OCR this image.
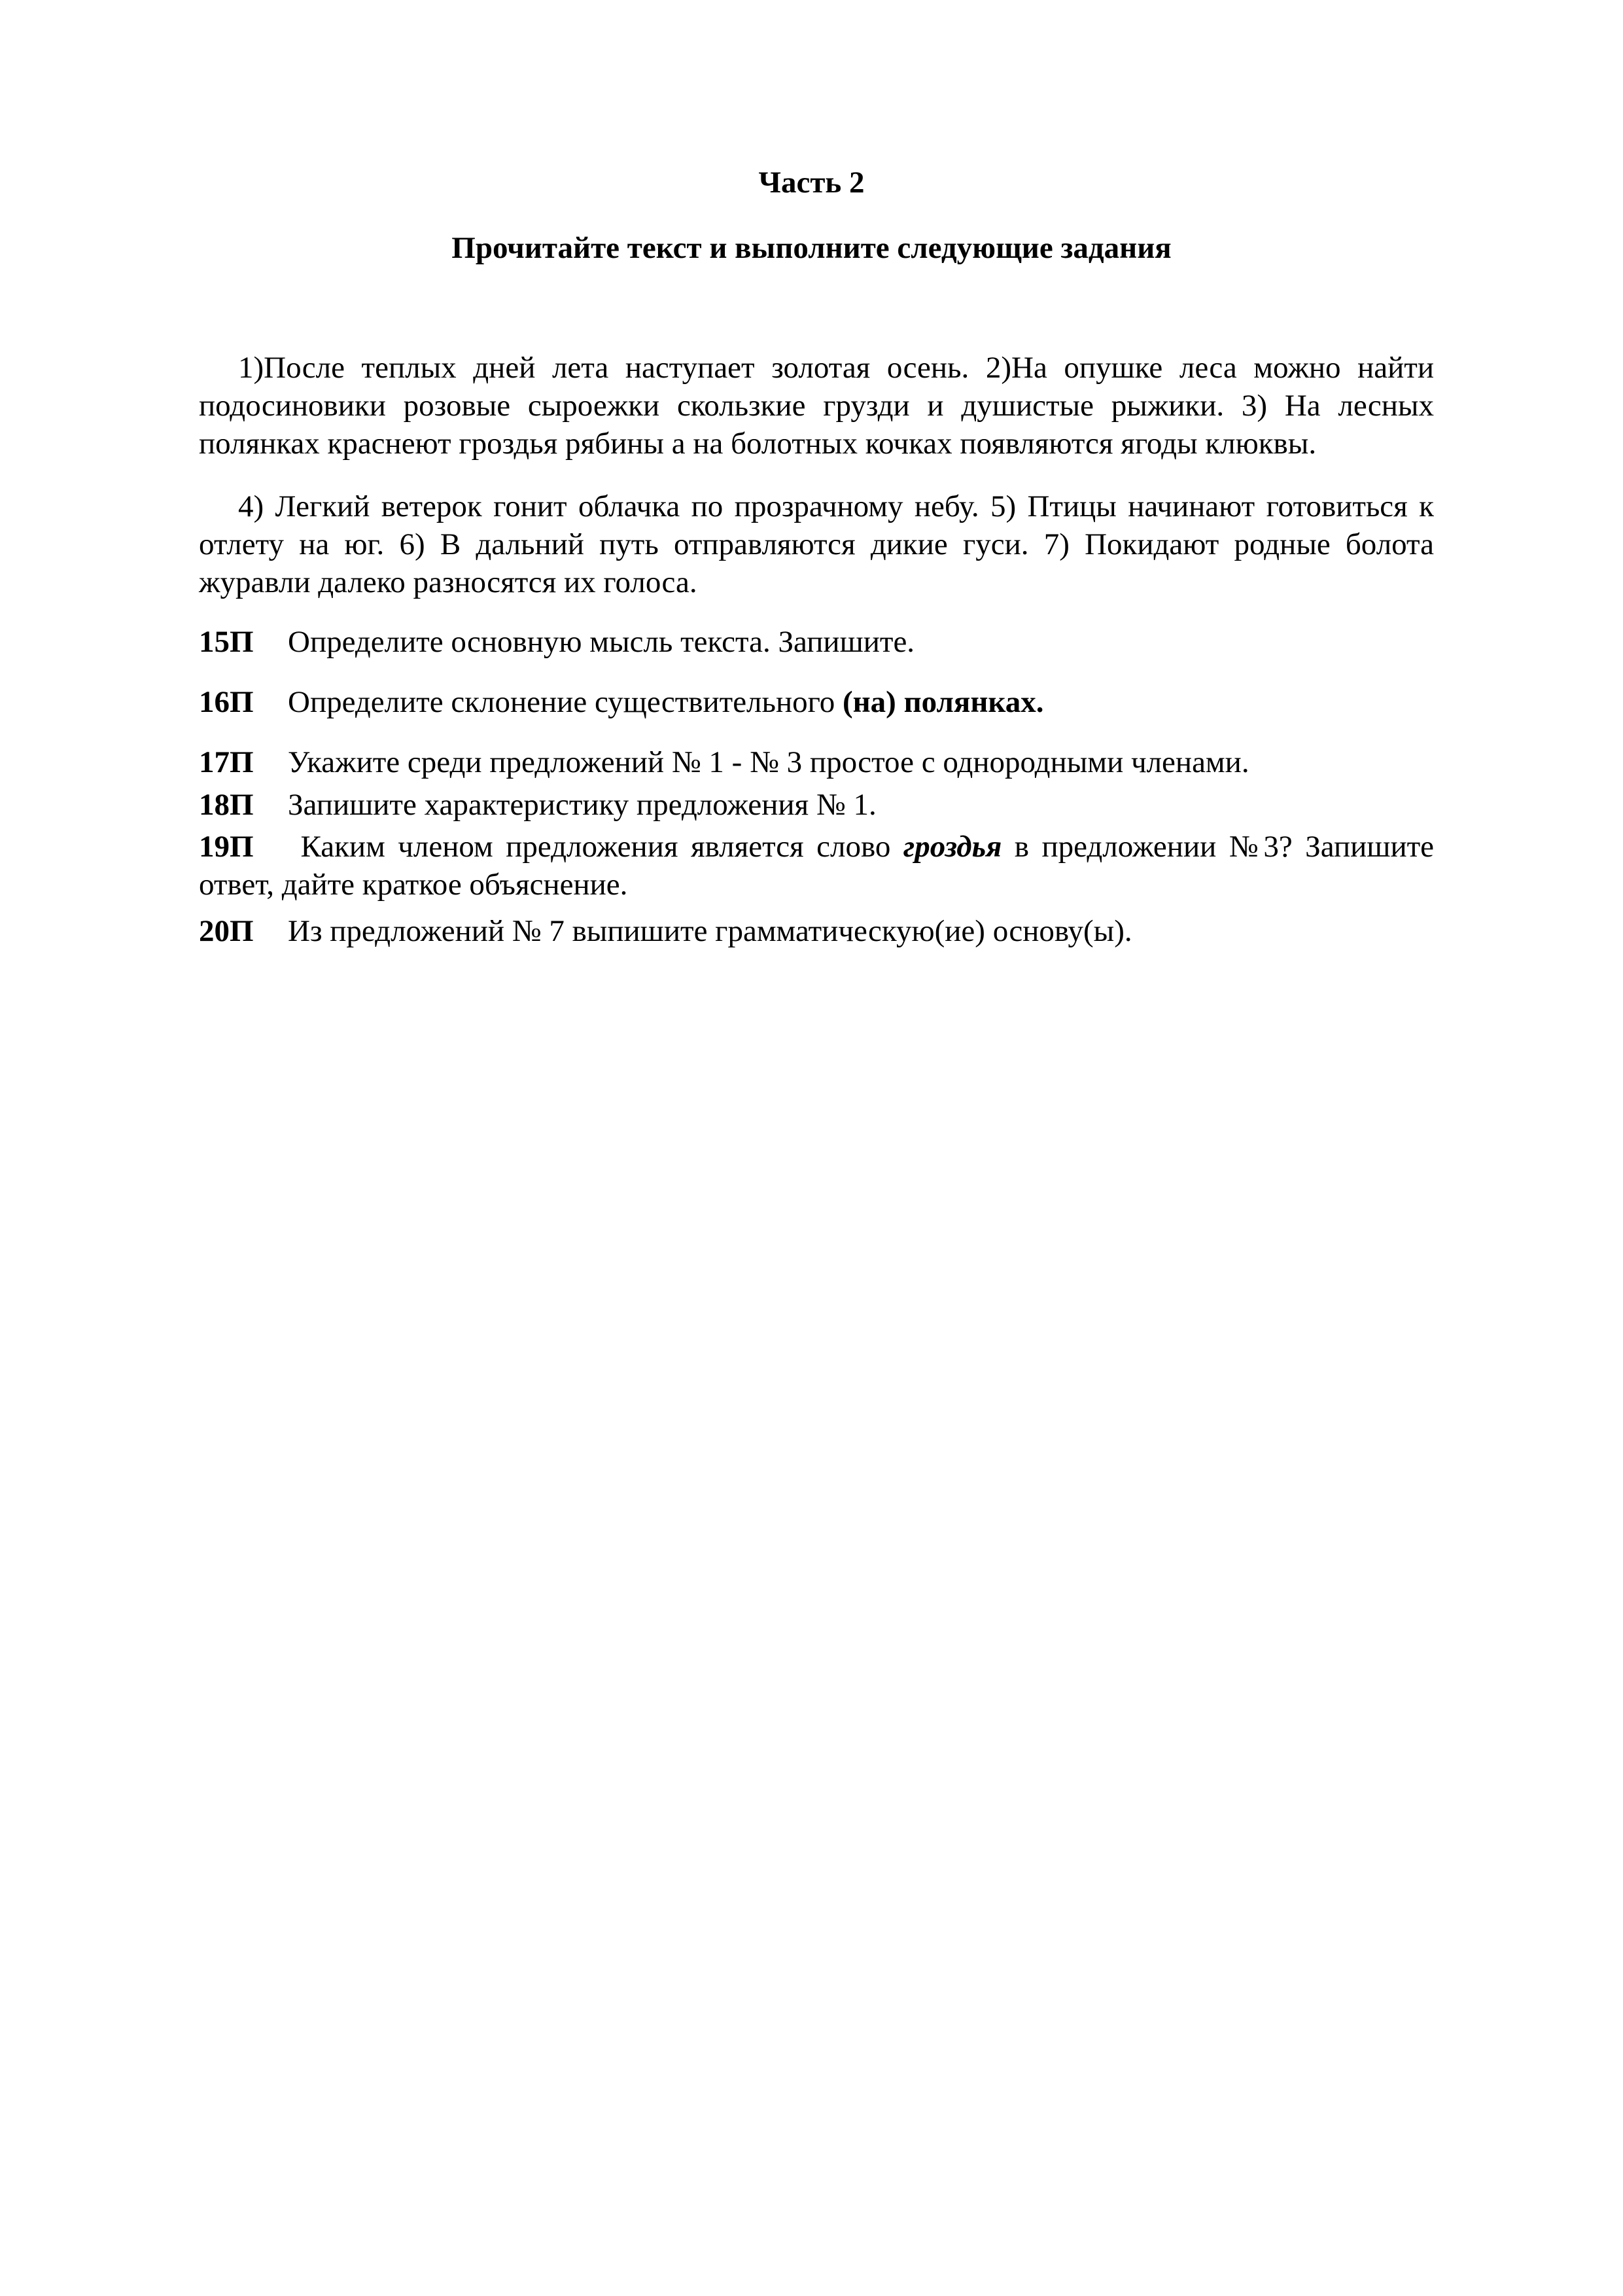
Часть 2
Прочитайте текст и выполните следующие задания
1)После теплых дней лета наступает золотая осень. 2)На опушке леса можно найти подосиновики розовые сыроежки скользкие грузди и душистые рыжики. 3) На лесных полянках краснеют гроздья рябины а на болотных кочках появляются ягоды клюквы.
4) Легкий ветерок гонит облачка по прозрачному небу. 5) Птицы начинают готовиться к отлету на юг. 6) В дальний путь отправляются дикие гуси. 7) Покидают родные болота журавли далеко разносятся их голоса.
15П Определите основную мысль текста. Запишите.
16П Определите склонение существительного (на) полянках.
17П Укажите среди предложений № 1 - № 3 простое с однородными членами.
18П Запишите характеристику предложения № 1.
19П Каким членом предложения является слово гроздья в предложении №3? Запишите ответ, дайте краткое объяснение.
20П Из предложений № 7 выпишите грамматическую(ие) основу(ы).
